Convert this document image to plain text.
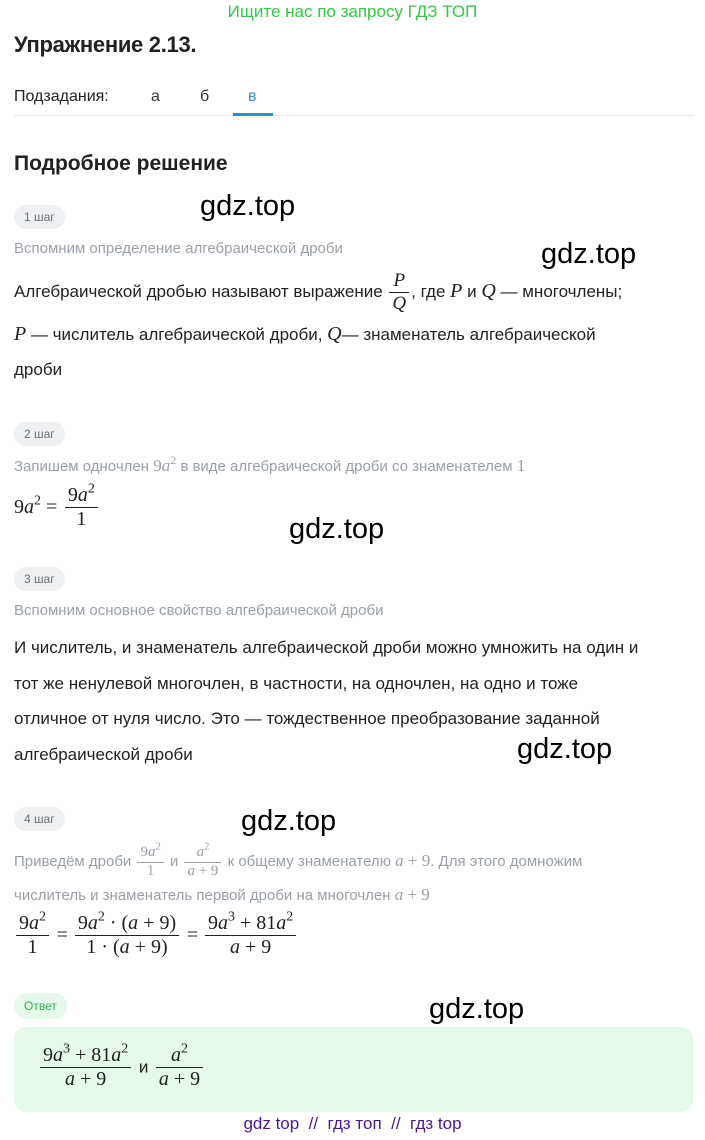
Ищите нас по запросу ГДЗ ТОП
Упражнение 2.13.
Подзадания:	а	б в
Подробное решение
1 шаг
Вспомним определение алгебраической дроби
Алгебраической дробью называют выражение $\frac{P}{Q}$ , где P и Q — многочлены;
P — числитель алгебраической дроби, Q— знаменатель алгебраической
дроби
2 шаг
Запишем одночлен $9a^2$ в виде алгебраической дроби со знаменателем 1
$9a^2 = \frac{9a^2}{1}$
3 шаг
Вспомним основное свойство алгебраической дроби
И числитель, и знаменатель алгебраической дроби можно умножить на один и
тот же ненулевой многочлен, в частности, на одночлен, на одно и тоже
отличное от нуля число. Это — тождественное преобразование заданной
алгебраической дроби
4 шаг
Приведём дроби $\frac{9a^2}{1}$ и $\frac{a^2}{a + 9}$ к общему знаменателю a + 9. Для этого домножим
числитель и знаменатель первой дроби на многочлен a + 9
$\frac{9a^2}{1} = \frac{9a^2 \cdot (a + 9)}{1 \cdot (a + 9)} = \frac{9a^3 + 81a^2}{a + 9}$
Ответ
$\frac{9a^3 + 81a^2}{a + 9}$ и $\frac{a^2}{a + 9}$
gdz.top
gdz.top
gdz.top
gdz.top
gdz.top
gdz.top
gdz top  //  гдз топ  //  гдз top
